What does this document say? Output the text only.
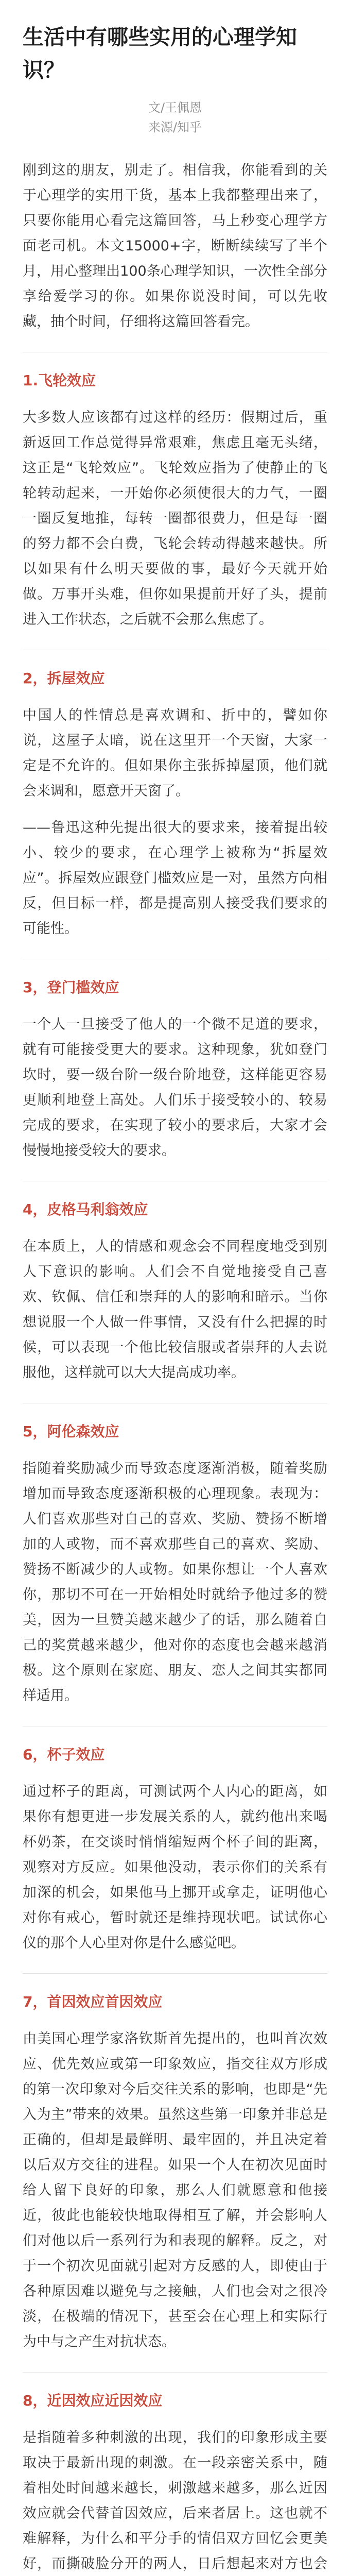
生活中有哪些实用的心理学知识？
文/王佩恩
来源/知乎

刚到这的朋友，别走了。相信我，你能看到的关于心理学的实用干货，基本上我都整理出来了，只要你能用心看完这篇回答，马上秒变心理学方面老司机。本文15000+字，断断续续写了半个月，用心整理出100条心理学知识，一次性全部分享给爱学习的你。如果你说没时间，可以先收藏，抽个时间，仔细将这篇回答看完。

1.飞轮效应

大多数人应该都有过这样的经历：假期过后，重新返回工作总觉得异常艰难，焦虑且毫无头绪，这正是“飞轮效应”。飞轮效应指为了使静止的飞轮转动起来，一开始你必须使很大的力气，一圈一圈反复地推，每转一圈都很费力，但是每一圈的努力都不会白费，飞轮会转动得越来越快。所以如果有什么明天要做的事，最好今天就开始做。万事开头难，但你如果提前开好了头，提前进入工作状态，之后就不会那么焦虑了。

2，拆屋效应

中国人的性情总是喜欢调和、折中的，譬如你说，这屋子太暗，说在这里开一个天窗，大家一定是不允许的。但如果你主张拆掉屋顶，他们就会来调和，愿意开天窗了。

——鲁迅这种先提出很大的要求来，接着提出较小、较少的要求，在心理学上被称为“拆屋效应”。拆屋效应跟登门槛效应是一对，虽然方向相反，但目标一样，都是提高别人接受我们要求的可能性。

3，登门槛效应

一个人一旦接受了他人的一个微不足道的要求，就有可能接受更大的要求。这种现象，犹如登门坎时，要一级台阶一级台阶地登，这样能更容易更顺利地登上高处。人们乐于接受较小的、较易完成的要求，在实现了较小的要求后，大家才会慢慢地接受较大的要求。

4，皮格马利翁效应

在本质上，人的情感和观念会不同程度地受到别人下意识的影响。人们会不自觉地接受自己喜欢、钦佩、信任和崇拜的人的影响和暗示。当你想说服一个人做一件事情，又没有什么把握的时候，可以表现一个他比较信服或者崇拜的人去说服他，这样就可以大大提高成功率。

5，阿伦森效应

指随着奖励减少而导致态度逐渐消极，随着奖励增加而导致态度逐渐积极的心理现象。表现为：人们喜欢那些对自己的喜欢、奖励、赞扬不断增加的人或物，而不喜欢那些自己的喜欢、奖励、赞扬不断减少的人或物。如果你想让一个人喜欢你，那切不可在一开始相处时就给予他过多的赞美，因为一旦赞美越来越少了的话，那么随着自己的奖赏越来越少，他对你的态度也会越来越消极。这个原则在家庭、朋友、恋人之间其实都同样适用。

6，杯子效应

通过杯子的距离，可测试两个人内心的距离，如果你有想更进一步发展关系的人，就约他出来喝杯奶茶，在交谈时悄悄缩短两个杯子间的距离，观察对方反应。如果他没动，表示你们的关系有加深的机会，如果他马上挪开或拿走，证明他心对你有戒心，暂时就还是维持现状吧。试试你心仪的那个人心里对你是什么感觉吧。

7，首因效应首因效应

由美国心理学家洛钦斯首先提出的，也叫首次效应、优先效应或第一印象效应，指交往双方形成的第一次印象对今后交往关系的影响，也即是“先入为主”带来的效果。虽然这些第一印象并非总是正确的，但却是最鲜明、最牢固的，并且决定着以后双方交往的进程。如果一个人在初次见面时给人留下良好的印象，那么人们就愿意和他接近，彼此也能较快地取得相互了解，并会影响人们对他以后一系列行为和表现的解释。反之，对于一个初次见面就引起对方反感的人，即使由于各种原因难以避免与之接触，人们也会对之很冷淡，在极端的情况下，甚至会在心理上和实际行为中与之产生对抗状态。

8，近因效应近因效应

是指随着多种刺激的出现，我们的印象形成主要取决于最新出现的刺激。在一段亲密关系中，随着相处时间越来越长，刺激越来越多，那么近因效应就会代替首因效应，后来者居上。这也就不难解释，为什么和平分手的情侣双方回忆会更美好，而撕破脸分开的两人，日后想起来对方也会
